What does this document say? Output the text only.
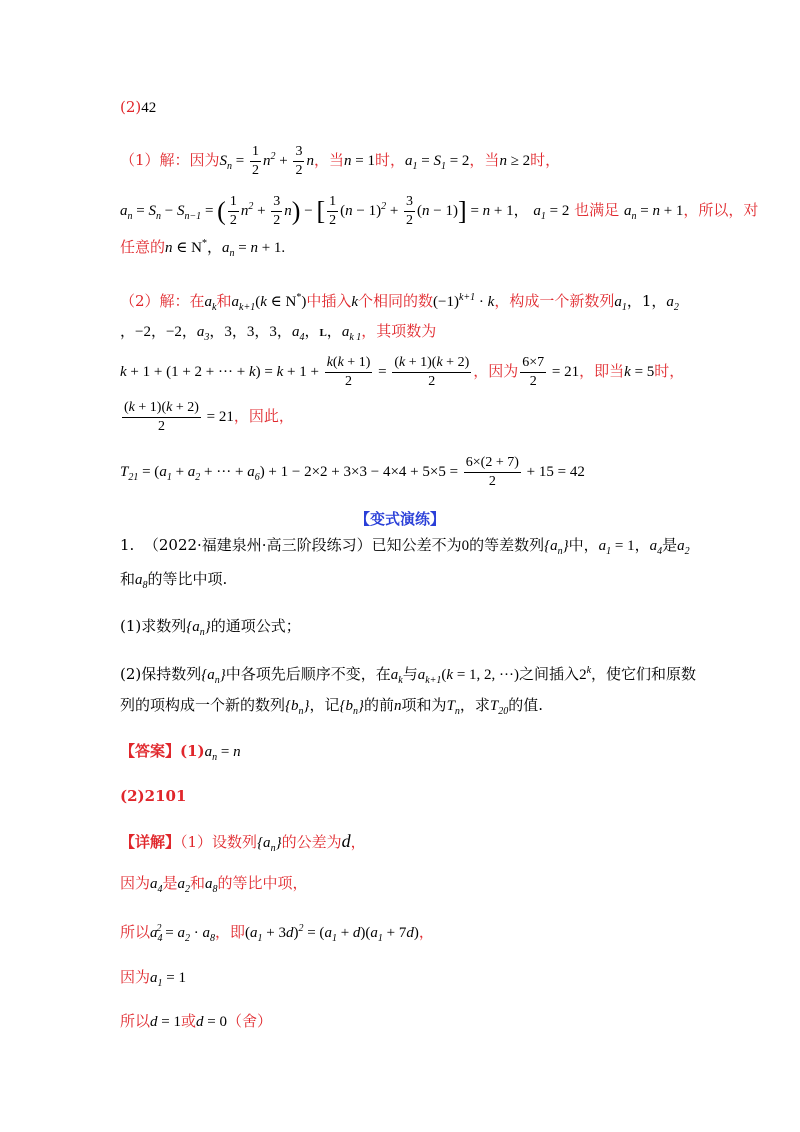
(2)42
（1）解：因为$S_n = \frac{1}{2} n^2 + \frac{3}{2}$ n，当n = 1时，$a_1 = S_1 = 2$，当n ≥ 2时，
$a_n = S_n - S_{n-1}$ = ( $\frac{1}{2} n^2 + \frac{3}{2} n$) − [ $\frac{1}{2} (n - 1)^2 + \frac{3}{2} (n - 1)] = n + 1$， $a_1 = 2$ 也满足 $a_n = n + 1$，所以，对
任意的n ∈ N*，$a_n = n + 1$.
（2）解：在$a_k$和$a_{k+1}(k$ ∈ N*)中插入k个相同的数$(-1)^{k+1} \cdot k$，构成一个新数列$a_1$，1，$a_2$
，−2，−2，$a_3$，3，3，3，$a_4$，L，$a_{k 1}$，其项数为
k + 1 + (1 + 2 + ··· + $k) = k + 1 + \frac{k(k + 1)}{2} = \frac{(k + 1)(k + 2)}{2}$ ，因为 $\frac{6\times 7}{2} = 21$，即当k = 5时，
$\frac{(k + 1)(k + 2)}{2} = 21$，因此，
$T_{21} = (a_1 + a_2$ + ··· + $a_6) + 1 - 2\times 2 + 3\times 3 - 4\times 4 + 5\times 5 = \frac{6\times(2 + 7)}{2} + 15 = 42$
【变式演练】
1. （2022·福建泉州·高三阶段练习）已知公差不为0的等差数列$\{a_n\}$中，$a_1 = 1$，$a_4$是$a_2$
和$a_8$的等比中项.
(1)求数列$\{a_n\}$的通项公式；
(2)保持数列$\{a_n\}$中各项先后顺序不变，在$a_k$与$a_{k+1}(k = 1$, 2, ···)之间插入2$^k$，使它们和原数
列的项构成一个新的数列$\{b_n\}$，记$\{b_n\}$的前n项和为$T_n$，求$T_{20}$的值.
【答案】$(1)a_n = n$
(2)2101
【详解】（1）设数列$\{a_n\}$的公差为d，
因为$a_4$是$a_2$和$a_8$的等比中项，
所以$a_4^2 = a_2 \cdot a_8$，即$(a_1 + 3d)^2 = (a_1 + d)(a_1 + 7d)$，
因为$a_1 = 1$
所以d = 1或d = 0（舍）
